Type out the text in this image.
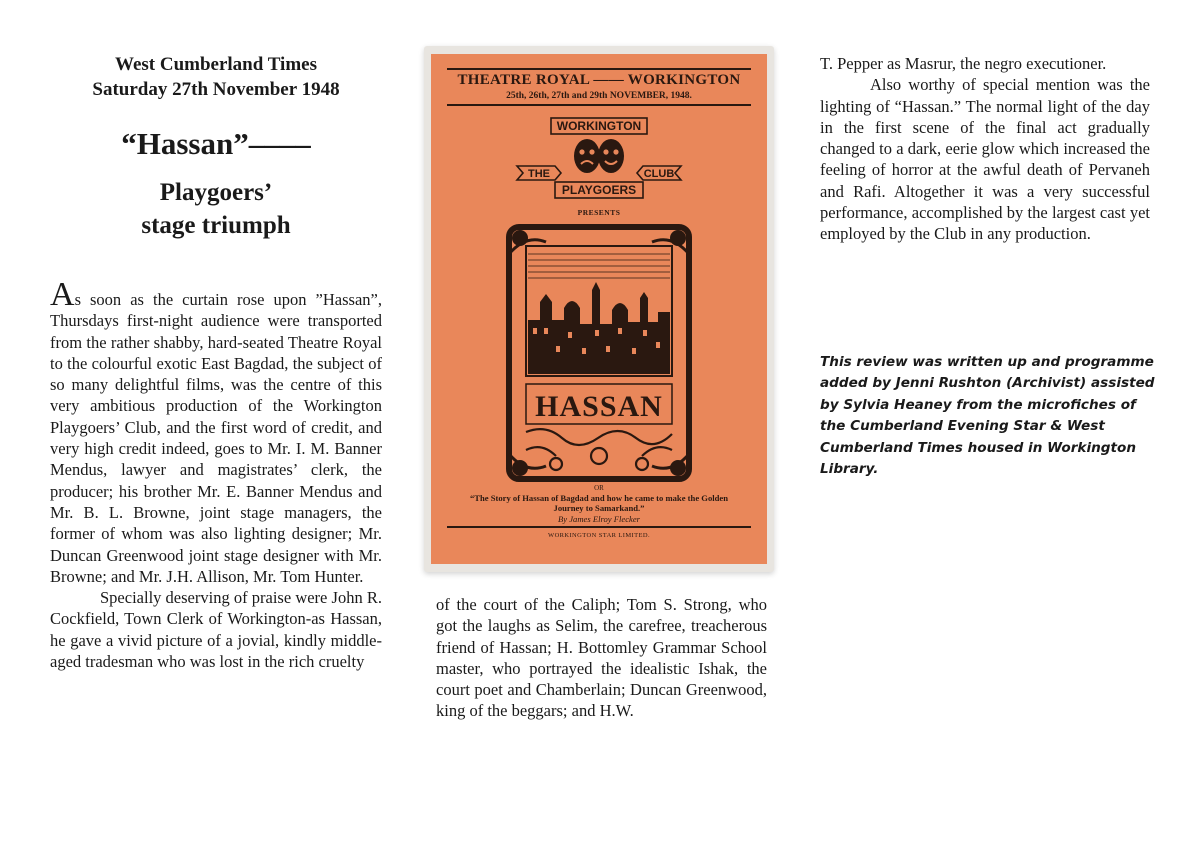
West Cumberland Times
Saturday 27th November 1948
“Hassan”––––
Playgoers’
stage triumph

As soon as the curtain rose upon ”Hassan”, Thursdays first-night audience were transported from the rather shabby, hard-seated Theatre Royal to the colourful exotic East Bagdad, the subject of so many delightful films, was the centre of this very ambitious production of the Workington Playgoers’ Club, and the first word of credit, and very high credit indeed, goes to Mr. I. M. Banner Mendus, lawyer and magistrates’ clerk, the producer; his brother Mr. E. Banner Mendus and Mr. B. L. Browne, joint stage managers, the former of whom was also lighting designer; Mr. Duncan Greenwood joint stage designer with Mr. Browne; and Mr. J.H. Allison, Mr. Tom Hunter.

Specially deserving of praise were John R. Cockfield, Town Clerk of Workington-as Hassan, he gave a vivid picture of a jovial, kindly middle-aged tradesman who was lost in the rich cruelty

THEATRE ROYAL —— WORKINGTON
25th, 26th, 27th and 29th NOVEMBER, 1948.
WORKINGTON
THE	CLUB
PLAYGOERS
PRESENTS
HASSAN
OR
“The Story of Hassan of Bagdad and how he came to make the Golden Journey to Samarkand.”
By James Elroy Flecker
WORKINGTON STAR LIMITED.

of the court of the Caliph; Tom S. Strong, who got the laughs as Selim, the carefree, treacherous friend of Hassan; H. Bottomley Grammar School master, who portrayed the idealistic Ishak, the court poet and Chamberlain; Duncan Greenwood, king of the beggars; and H.W.

T. Pepper as Masrur, the negro executioner.

Also worthy of special mention was the lighting of “Hassan.” The normal light of the day in the first scene of the final act gradually changed to a dark, eerie glow which increased the feeling of horror at the awful death of Pervaneh and Rafi. Altogether it was a very successful performance, accomplished by the largest cast yet employed by the Club in any production.

This review was written up and programme added by Jenni Rushton (Archivist) assisted by Sylvia Heaney from the microfiches of the Cumberland Evening Star & West Cumberland Times housed in Workington Library.
